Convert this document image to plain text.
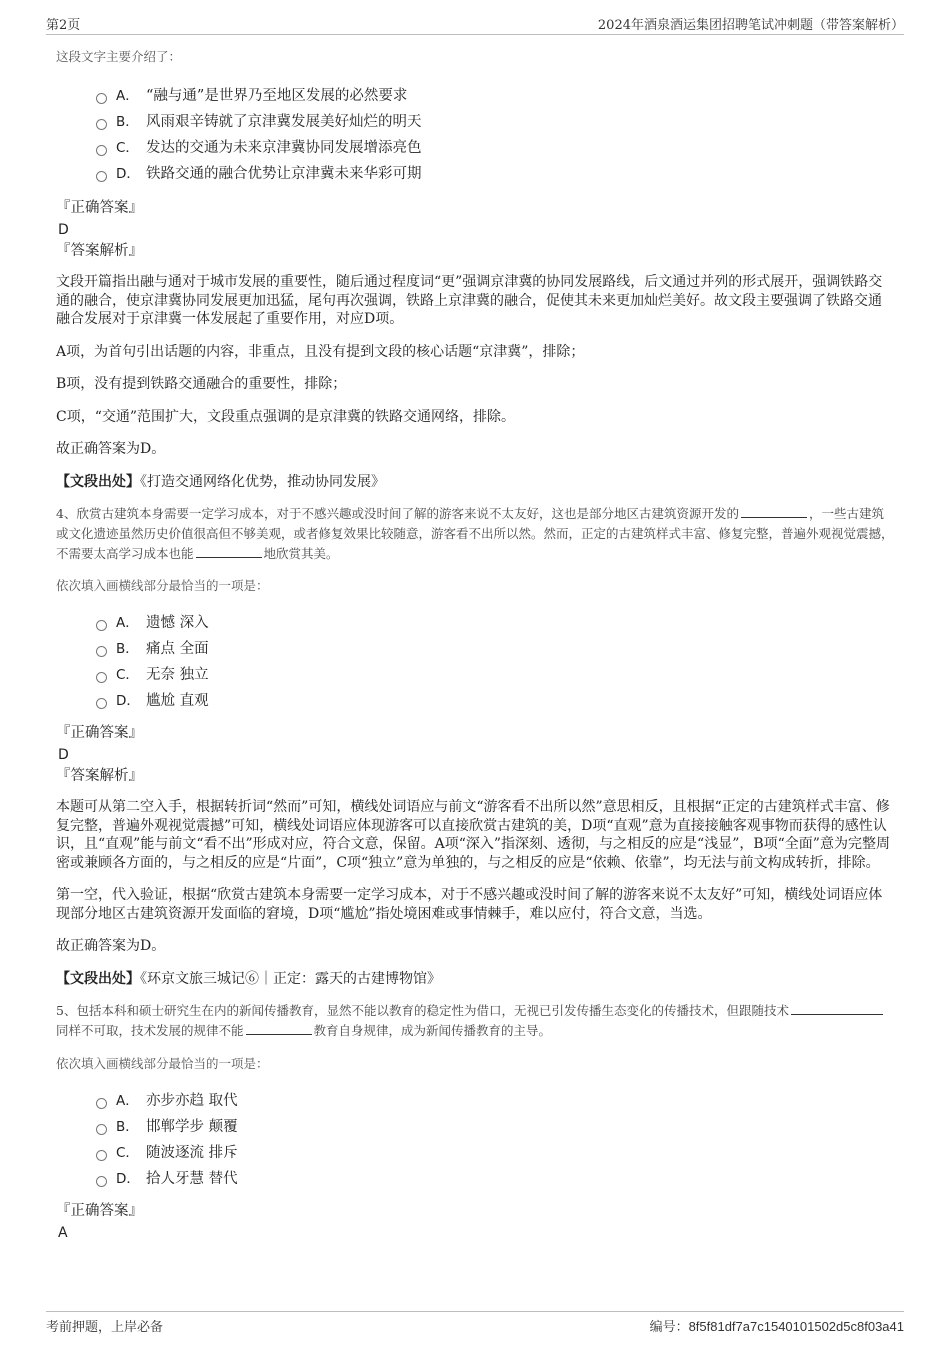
第2页	2024年酒泉酒运集团招聘笔试冲刺题（带答案解析）

这段文字主要介绍了：

A． “融与通”是世界乃至地区发展的必然要求
B． 风雨艰辛铸就了京津冀发展美好灿烂的明天
C． 发达的交通为未来京津冀协同发展增添亮色
D． 铁路交通的融合优势让京津冀未来华彩可期

『正确答案』

D

『答案解析』

文段开篇指出融与通对于城市发展的重要性，随后通过程度词“更”强调京津冀的协同发展路线，后文通过并列的形式展开，强调铁路交通的融合，使京津冀协同发展更加迅猛，尾句再次强调，铁路上京津冀的融合，促使其未来更加灿烂美好。故文段主要强调了铁路交通融合发展对于京津冀一体发展起了重要作用，对应D项。

A项，为首句引出话题的内容，非重点，且没有提到文段的核心话题“京津冀”，排除；

B项，没有提到铁路交通融合的重要性，排除；

C项，“交通”范围扩大，文段重点强调的是京津冀的铁路交通网络，排除。

故正确答案为D。

【文段出处】《打造交通网络化优势，推动协同发展》

4、欣赏古建筑本身需要一定学习成本，对于不感兴趣或没时间了解的游客来说不太友好，这也是部分地区古建筑资源开发的	，一些古建筑或文化遗迹虽然历史价值很高但不够美观，或者修复效果比较随意，游客看不出所以然。然而，正定的古建筑样式丰富、修复完整，普遍外观视觉震撼，不需要太高学习成本也能	地欣赏其美。

依次填入画横线部分最恰当的一项是：

A． 遗憾 深入
B． 痛点 全面
C． 无奈 独立
D． 尴尬 直观

『正确答案』

D

『答案解析』

本题可从第二空入手，根据转折词“然而”可知，横线处词语应与前文“游客看不出所以然”意思相反，且根据“正定的古建筑样式丰富、修复完整，普遍外观视觉震撼”可知，横线处词语应体现游客可以直接欣赏古建筑的美，D项“直观”意为直接接触客观事物而获得的感性认识，且“直观”能与前文“看不出”形成对应，符合文意，保留。A项“深入”指深刻、透彻，与之相反的应是“浅显”，B项“全面”意为完整周密或兼顾各方面的，与之相反的应是“片面”，C项“独立”意为单独的，与之相反的应是“依赖、依靠”，均无法与前文构成转折，排除。

第一空，代入验证，根据“欣赏古建筑本身需要一定学习成本，对于不感兴趣或没时间了解的游客来说不太友好”可知，横线处词语应体现部分地区古建筑资源开发面临的窘境，D项“尴尬”指处境困难或事情棘手，难以应付，符合文意，当选。

故正确答案为D。

【文段出处】《环京文旅三城记⑥｜正定：露天的古建博物馆》

5、包括本科和硕士研究生在内的新闻传播教育，显然不能以教育的稳定性为借口，无视已引发传播生态变化的传播技术，但跟随技术同样不可取，技术发展的规律不能	教育自身规律，成为新闻传播教育的主导。

依次填入画横线部分最恰当的一项是：

A． 亦步亦趋 取代
B． 邯郸学步 颠覆
C． 随波逐流 排斥
D． 拾人牙慧 替代

『正确答案』

A

考前押题，上岸必备	编号：8f5f81df7a7c1540101502d5c8f03a41
